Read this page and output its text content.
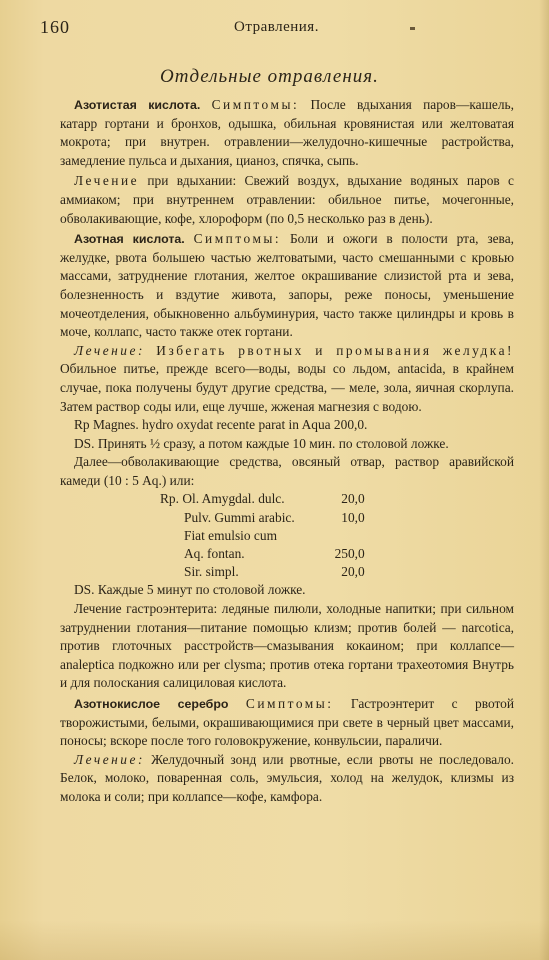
160	Отравления.
Отдельные отравления.

Азотистая кислота. Симптомы: После вдыхания паров—кашель, катарр гортани и бронхов, одышка, обильная кровянистая или желтоватая мокрота; при внутрен. отравлении—желудочно-кишечные растройства, замедление пульса и дыхания, цианоз, спячка, сыпь.

Лечение при вдыхании: Свежий воздух, вдыхание водяных паров с аммиаком; при внутреннем отравлении: обильное питье, мочегонные, обволакивающие, кофе, хлороформ (по 0,5 несколько раз в день).

Азотная кислота. Симптомы: Боли и ожоги в полости рта, зева, желудке, рвота большею частью желтоватыми, часто смешанными с кровью массами, затруднение глотания, желтое окрашивание слизистой рта и зева, болезненность и вздутие живота, запоры, реже поносы, уменьшение мочеотделения, обыкновенно альбуминурия, часто также цилиндры и кровь в моче, коллапс, часто также отек гортани.

Лечение: Избегать рвотных и промывания желудка! Обильное питье, прежде всего—воды, воды со льдом, antacida, в крайнем случае, пока получены будут другие средства, — меле, зола, яичная скорлупа. Затем раствор соды или, еще лучше, жженая магнезия с водою.

Rp Magnes. hydro oxydat recente parat in Aqua 200,0.

DS. Принять ½ сразу, а потом каждые 10 мин. по столовой ложке.

Далее—обволакивающие средства, овсяный отвар, раствор аравийской камеди (10 : 5 Aq.) или:

Rp. Ol. Amygdal. dulc.	20,0
Pulv. Gummi arabic.	10,0
Fiat emulsio cum	
Aq. fontan.	250,0
Sir. simpl.	20,0

DS. Каждые 5 минут по столовой ложке.

Лечение гастроэнтерита: ледяные пилюли, холодные напитки; при сильном затруднении глотания—питание помощью клизм; против болей — narcotica, против глоточных расстройств—смазывания кокаином; при коллапсе—analeptica подкожно или per clysma; против отека гортани трахеотомия Внутрь и для полоскания салициловая кислота.

Азотнокислое серебро Симптомы: Гастроэнтерит с рвотой творожистыми, белыми, окрашивающимися при свете в черный цвет массами, поносы; вскоре после того головокружение, конвульсии, параличи.

Лечение: Желудочный зонд или рвотные, если рвоты не последовало. Белок, молоко, поваренная соль, эмульсия, холод на желудок, клизмы из молока и соли; при коллапсе—кофе, камфора.
